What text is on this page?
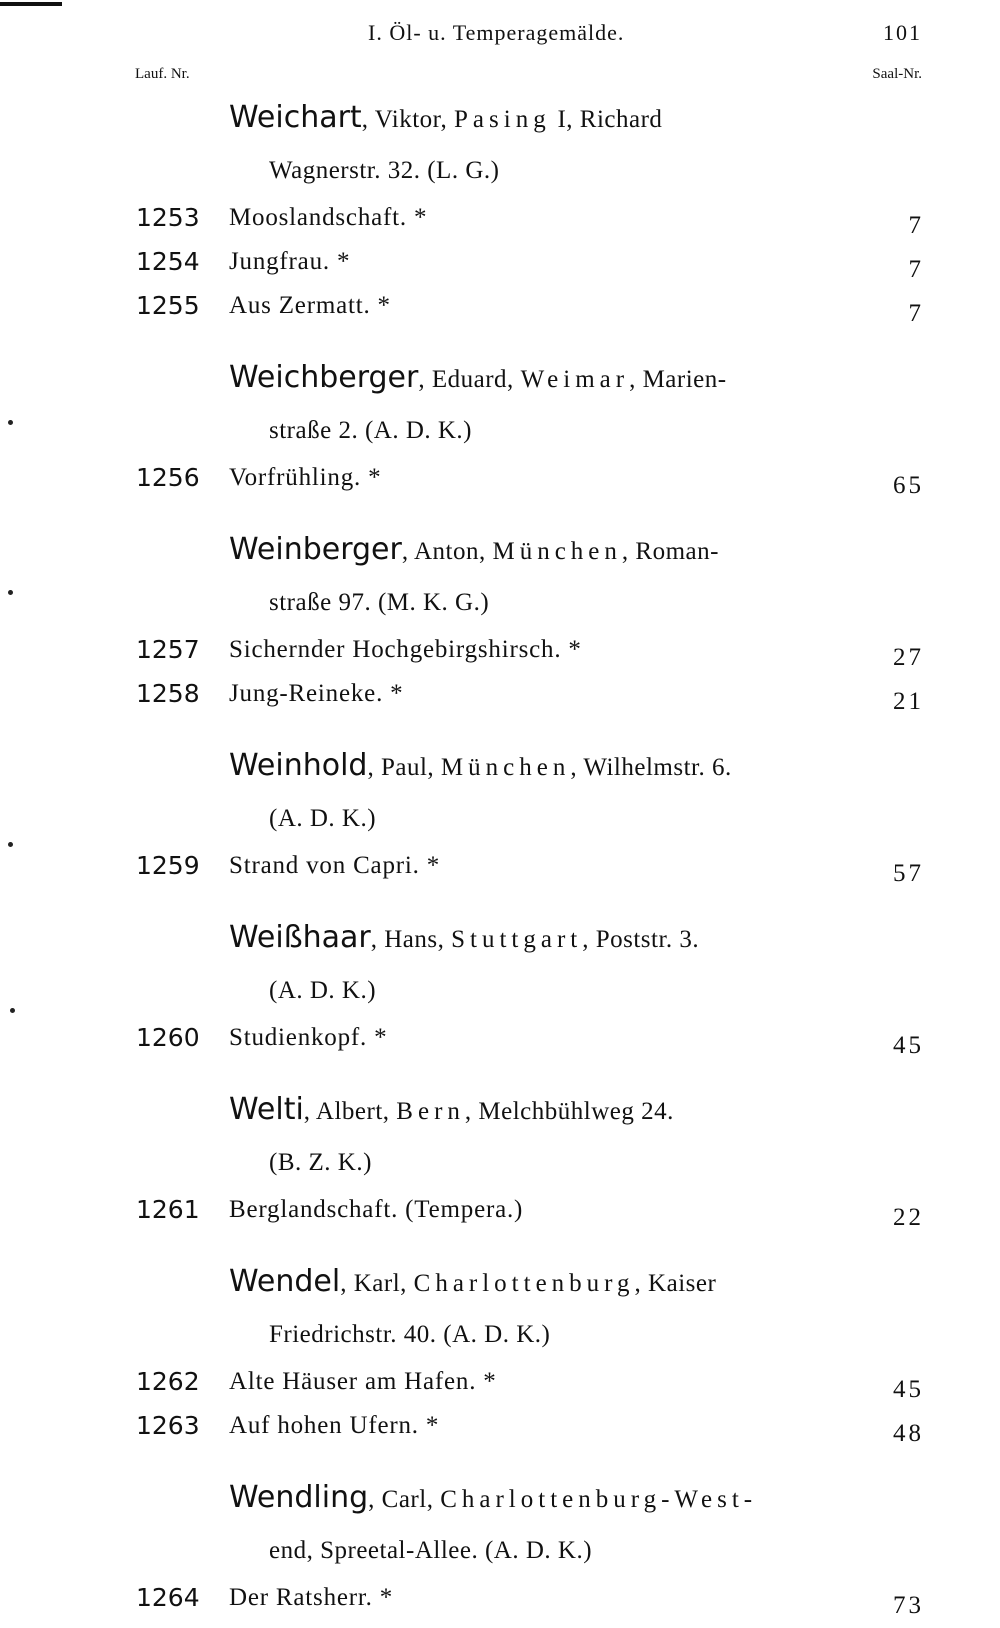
I. Öl- u. Temperagemälde.	101
Lauf. Nr.	Saal-Nr.
Weichart, Viktor, Pasing I, Richard
Wagnerstr. 32. (L. G.)
1253 Mooslandschaft. *	7
1254 Jungfrau. *	7
1255 Aus Zermatt. *	7
Weichberger, Eduard, Weimar, Marien-
straße 2. (A. D. K.)
1256 Vorfrühling. *	65
Weinberger, Anton, München, Roman-
straße 97. (M. K. G.)
1257 Sichernder Hochgebirgshirsch. *	27
1258 Jung-Reineke. *	21
Weinhold, Paul, München, Wilhelmstr. 6.
(A. D. K.)
1259 Strand von Capri. *	57
Weißhaar, Hans, Stuttgart, Poststr. 3.
(A. D. K.)
1260 Studienkopf. *	45
Welti, Albert, Bern, Melchbühlweg 24.
(B. Z. K.)
1261 Berglandschaft. (Tempera.)	22
Wendel, Karl, Charlottenburg, Kaiser
Friedrichstr. 40. (A. D. K.)
1262 Alte Häuser am Hafen. *	45
1263 Auf hohen Ufern. *	48
Wendling, Carl, Charlottenburg-West-
end, Spreetal-Allee. (A. D. K.)
1264 Der Ratsherr. *	73
